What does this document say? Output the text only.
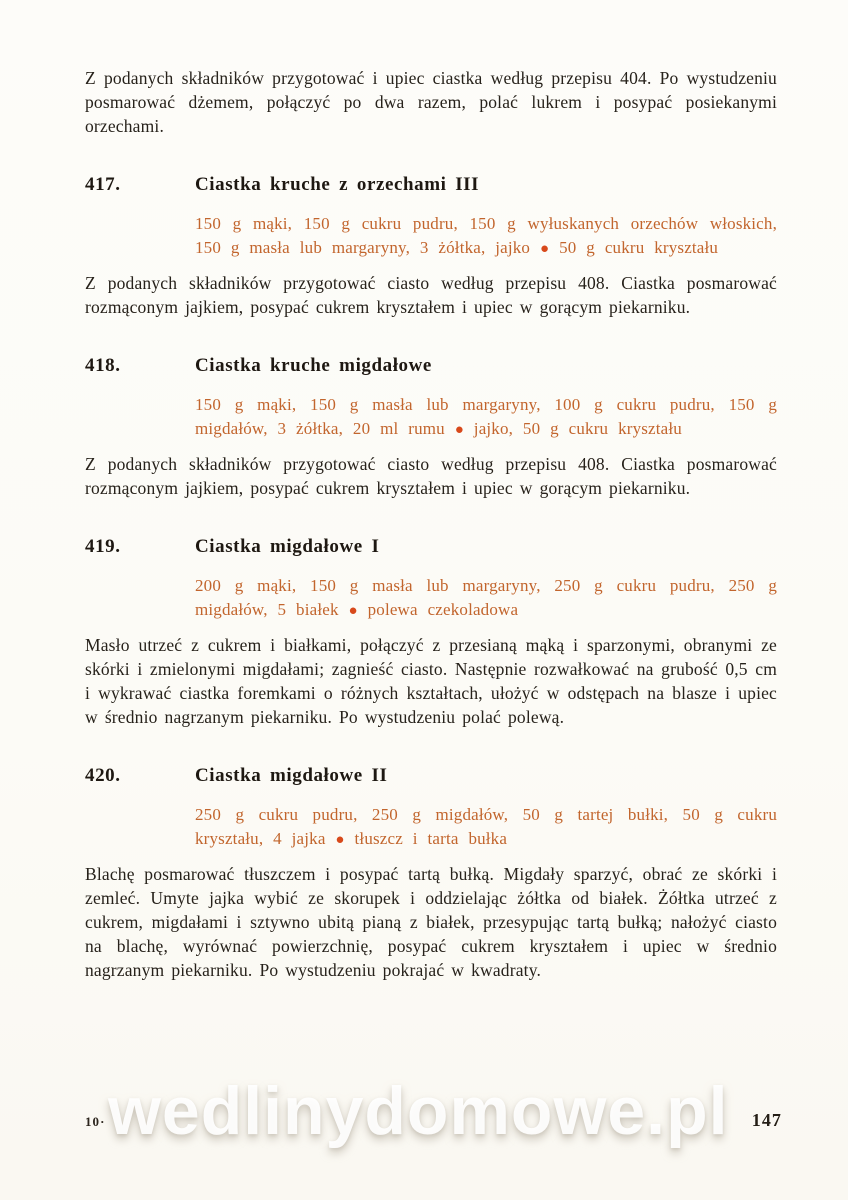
Z podanych składników przygotować i upiec ciastka według przepisu 404. Po wystudzeniu posmarować dżemem, połączyć po dwa razem, polać lukrem i posypać posiekanymi orzechami.

417.	Ciastka kruche z orzechami III

150 g mąki, 150 g cukru pudru, 150 g wyłuskanych orzechów włoskich, 150 g masła lub margaryny, 3 żółtka, jajko ● 50 g cukru kryształu

Z podanych składników przygotować ciasto według przepisu 408. Ciastka posmarować rozmąconym jajkiem, posypać cukrem kryształem i upiec w gorącym piekarniku.

418.	Ciastka kruche migdałowe

150 g mąki, 150 g masła lub margaryny, 100 g cukru pudru, 150 g migdałów, 3 żółtka, 20 ml rumu ● jajko, 50 g cukru kryształu

Z podanych składników przygotować ciasto według przepisu 408. Ciastka posmarować rozmąconym jajkiem, posypać cukrem kryształem i upiec w gorącym piekarniku.

419.	Ciastka migdałowe I

200 g mąki, 150 g masła lub margaryny, 250 g cukru pudru, 250 g migdałów, 5 białek ● polewa czekoladowa

Masło utrzeć z cukrem i białkami, połączyć z przesianą mąką i sparzonymi, obranymi ze skórki i zmielonymi migdałami; zagnieść ciasto. Następnie rozwałkować na grubość 0,5 cm i wykrawać ciastka foremkami o różnych kształtach, ułożyć w odstępach na blasze i upiec w średnio nagrzanym piekarniku. Po wystudzeniu polać polewą.

420.	Ciastka migdałowe II

250 g cukru pudru, 250 g migdałów, 50 g tartej bułki, 50 g cukru kryształu, 4 jajka ● tłuszcz i tarta bułka

Blachę posmarować tłuszczem i posypać tartą bułką. Migdały sparzyć, obrać ze skórki i zemleć. Umyte jajka wybić ze skorupek i oddzielając żółtka od białek. Żółtka utrzeć z cukrem, migdałami i sztywno ubitą pianą z białek, przesypując tartą bułką; nałożyć ciasto na blachę, wyrównać powierzchnię, posypać cukrem kryształem i upiec w średnio nagrzanym piekarniku. Po wystudzeniu pokrajać w kwadraty.

wedlinydomowe.pl
10·	147
